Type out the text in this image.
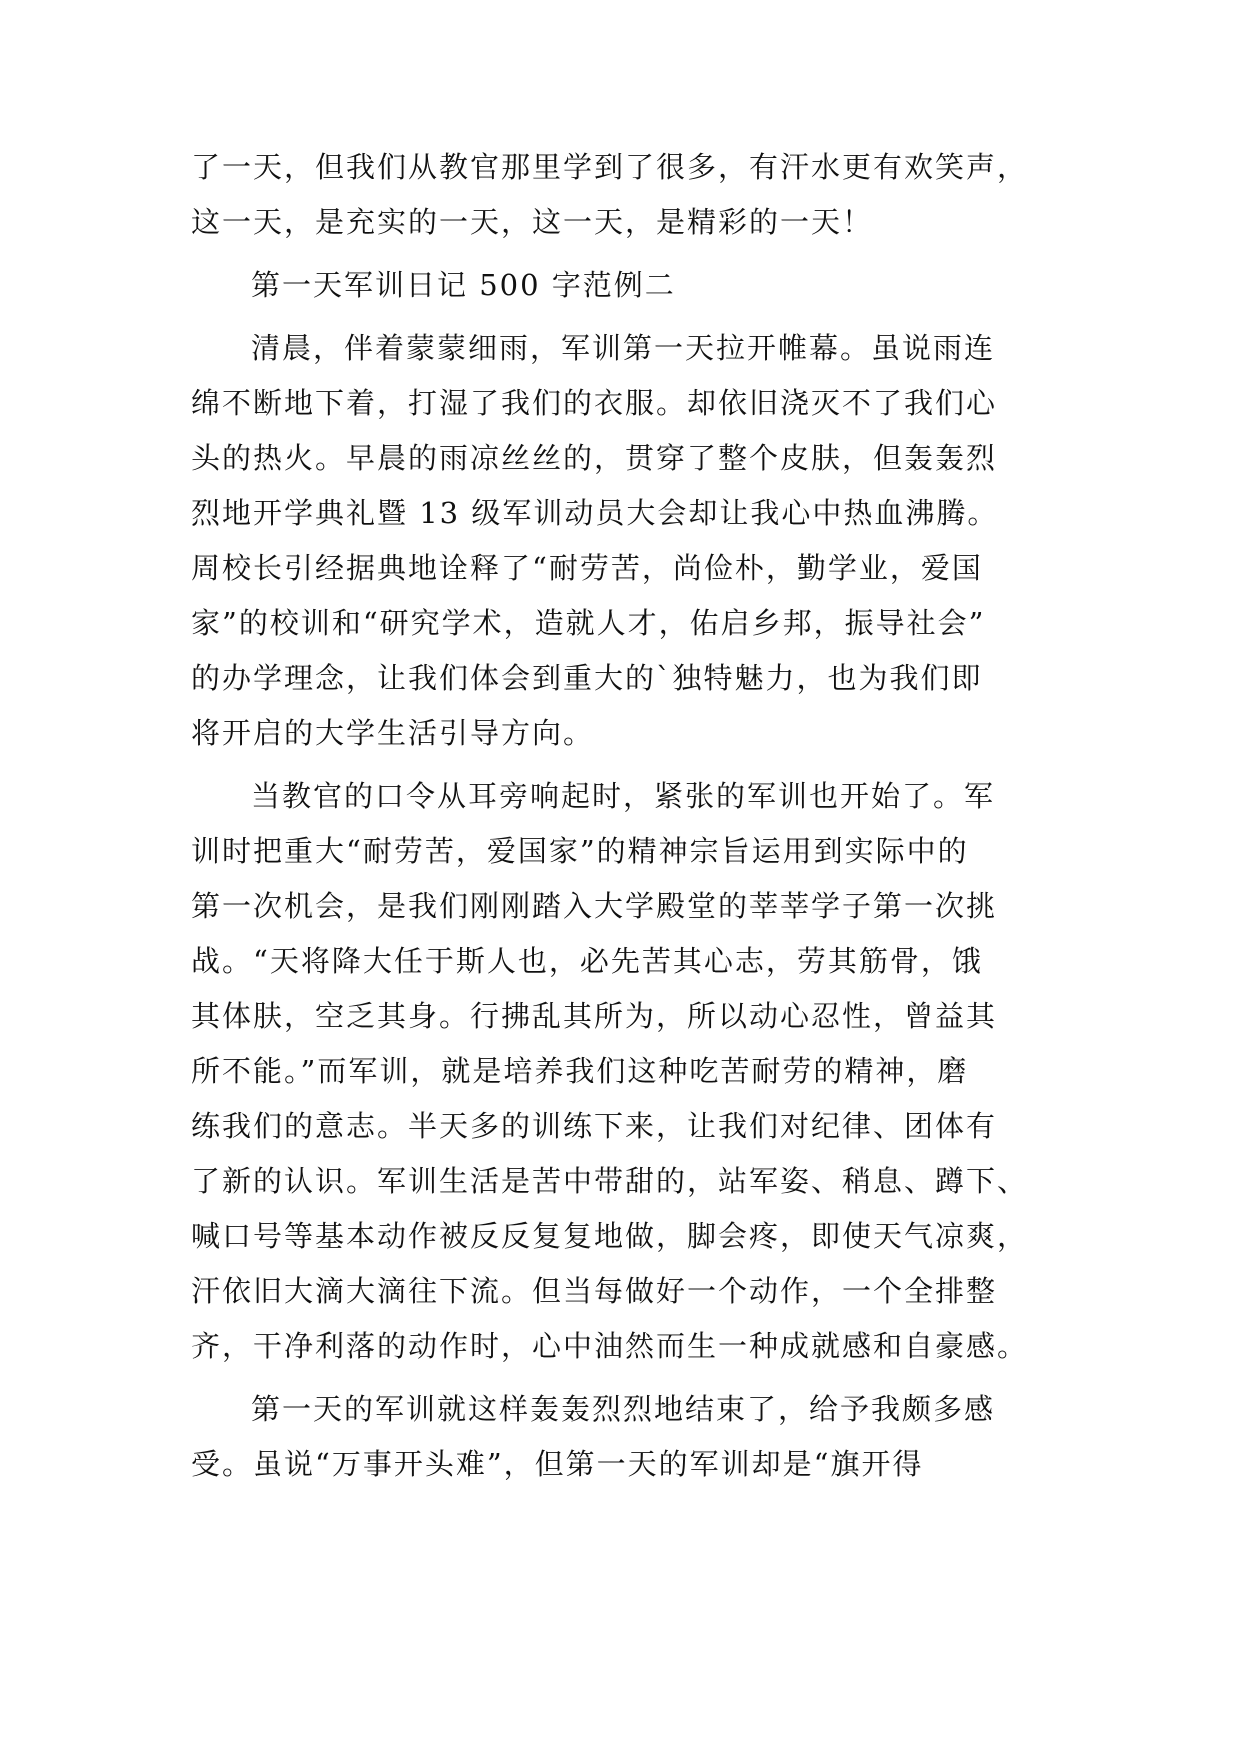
了一天，但我们从教官那里学到了很多，有汗水更有欢笑声，
这一天，是充实的一天，这一天，是精彩的一天！
第一天军训日记 500 字范例二
清晨，伴着蒙蒙细雨，军训第一天拉开帷幕。虽说雨连
绵不断地下着，打湿了我们的衣服。却依旧浇灭不了我们心
头的热火。早晨的雨凉丝丝的，贯穿了整个皮肤，但轰轰烈
烈地开学典礼暨 13 级军训动员大会却让我心中热血沸腾。
周校长引经据典地诠释了“耐劳苦，尚俭朴，勤学业，爱国
家”的校训和“研究学术，造就人才，佑启乡邦，振导社会”
的办学理念，让我们体会到重大的`独特魅力，也为我们即
将开启的大学生活引导方向。
当教官的口令从耳旁响起时，紧张的军训也开始了。军
训时把重大“耐劳苦，爱国家”的精神宗旨运用到实际中的
第一次机会，是我们刚刚踏入大学殿堂的莘莘学子第一次挑
战。“天将降大任于斯人也，必先苦其心志，劳其筋骨，饿
其体肤，空乏其身。行拂乱其所为，所以动心忍性，曾益其
所不能。”而军训，就是培养我们这种吃苦耐劳的精神，磨
练我们的意志。半天多的训练下来，让我们对纪律、团体有
了新的认识。军训生活是苦中带甜的，站军姿、稍息、蹲下、
喊口号等基本动作被反反复复地做，脚会疼，即使天气凉爽，
汗依旧大滴大滴往下流。但当每做好一个动作，一个全排整
齐，干净利落的动作时，心中油然而生一种成就感和自豪感。
第一天的军训就这样轰轰烈烈地结束了，给予我颇多感
受。虽说“万事开头难”，但第一天的军训却是“旗开得
